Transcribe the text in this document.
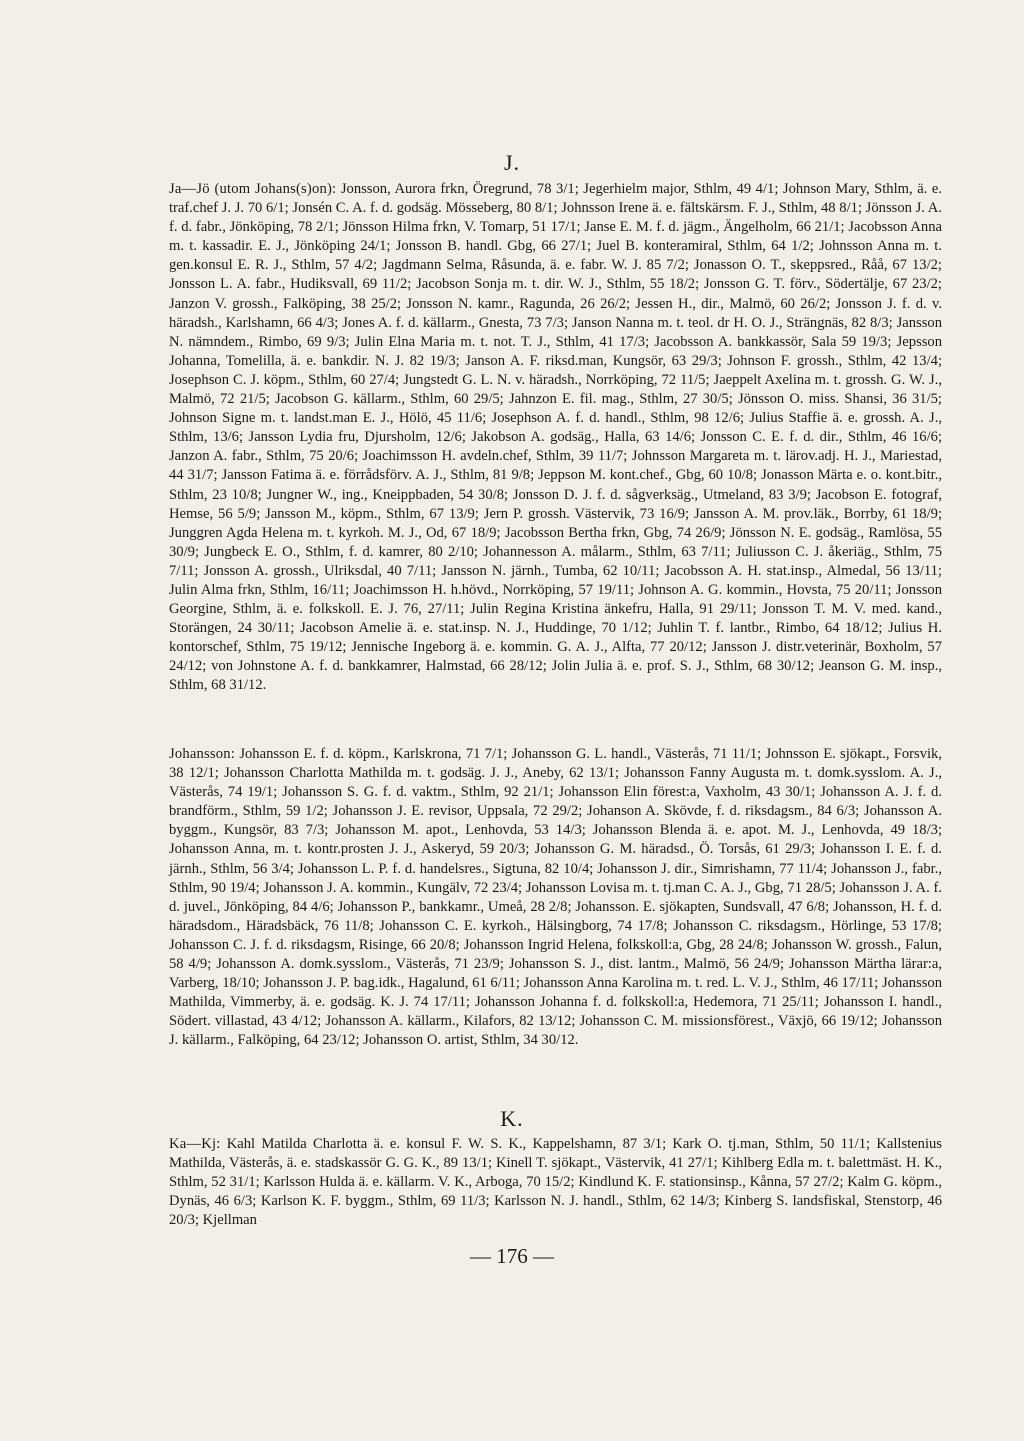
J.

Ja—Jö (utom Johans(s)on): Jonsson, Aurora frkn, Öregrund, 78 3/1; Jegerhielm major, Sthlm, 49 4/1; Johnson Mary, Sthlm, ä. e. traf.chef J. J. 70 6/1; Jonsén C. A. f. d. godsäg. Mösseberg, 80 8/1; Johnsson Irene ä. e. fältskärsm. F. J., Sthlm, 48 8/1; Jönsson J. A. f. d. fabr., Jönköping, 78 2/1; Jönsson Hilma frkn, V. Tomarp, 51 17/1; Janse E. M. f. d. jägm., Ängelholm, 66 21/1; Jacobsson Anna m. t. kassadir. E. J., Jönköping 24/1; Jonsson B. handl. Gbg, 66 27/1; Juel B. konteramiral, Sthlm, 64 1/2; Johnsson Anna m. t. gen.konsul E. R. J., Sthlm, 57 4/2; Jagdmann Selma, Råsunda, ä. e. fabr. W. J. 85 7/2; Jonasson O. T., skeppsred., Råå, 67 13/2; Jonsson L. A. fabr., Hudiksvall, 69 11/2; Jacobson Sonja m. t. dir. W. J., Sthlm, 55 18/2; Jonsson G. T. förv., Södertälje, 67 23/2; Janzon V. grossh., Falköping, 38 25/2; Jonsson N. kamr., Ragunda, 26 26/2; Jessen H., dir., Malmö, 60 26/2; Jonsson J. f. d. v. häradsh., Karlshamn, 66 4/3; Jones A. f. d. källarm., Gnesta, 73 7/3; Janson Nanna m. t. teol. dr H. O. J., Strängnäs, 82 8/3; Jansson N. nämndem., Rimbo, 69 9/3; Julin Elna Maria m. t. not. T. J., Sthlm, 41 17/3; Jacobsson A. bankkassör, Sala 59 19/3; Jepsson Johanna, Tomelilla, ä. e. bankdir. N. J. 82 19/3; Janson A. F. riksd.man, Kungsör, 63 29/3; Johnson F. grossh., Sthlm, 42 13/4; Josephson C. J. köpm., Sthlm, 60 27/4; Jungstedt G. L. N. v. häradsh., Norrköping, 72 11/5; Jaeppelt Axelina m. t. grossh. G. W. J., Malmö, 72 21/5; Jacobson G. källarm., Sthlm, 60 29/5; Jahnzon E. fil. mag., Sthlm, 27 30/5; Jönsson O. miss. Shansi, 36 31/5; Johnson Signe m. t. landst.man E. J., Hölö, 45 11/6; Josephson A. f. d. handl., Sthlm, 98 12/6; Julius Staffie ä. e. grossh. A. J., Sthlm, 13/6; Jansson Lydia fru, Djursholm, 12/6; Jakobson A. godsäg., Halla, 63 14/6; Jonsson C. E. f. d. dir., Sthlm, 46 16/6; Janzon A. fabr., Sthlm, 75 20/6; Joachimsson H. avdeln.chef, Sthlm, 39 11/7; Johnsson Margareta m. t. lärov.adj. H. J., Mariestad, 44 31/7; Jansson Fatima ä. e. förrådsförv. A. J., Sthlm, 81 9/8; Jeppson M. kont.chef., Gbg, 60 10/8; Jonasson Märta e. o. kont.bitr., Sthlm, 23 10/8; Jungner W., ing., Kneippbaden, 54 30/8; Jonsson D. J. f. d. sågverksäg., Utmeland, 83 3/9; Jacobson E. fotograf, Hemse, 56 5/9; Jansson M., köpm., Sthlm, 67 13/9; Jern P. grossh. Västervik, 73 16/9; Jansson A. M. prov.läk., Borrby, 61 18/9; Junggren Agda Helena m. t. kyrkoh. M. J., Od, 67 18/9; Jacobsson Bertha frkn, Gbg, 74 26/9; Jönsson N. E. godsäg., Ramlösa, 55 30/9; Jungbeck E. O., Sthlm, f. d. kamrer, 80 2/10; Johannesson A. målarm., Sthlm, 63 7/11; Juliusson C. J. åkeriäg., Sthlm, 75 7/11; Jonsson A. grossh., Ulriksdal, 40 7/11; Jansson N. järnh., Tumba, 62 10/11; Jacobsson A. H. stat.insp., Almedal, 56 13/11; Julin Alma frkn, Sthlm, 16/11; Joachimsson H. h.hövd., Norrköping, 57 19/11; Johnson A. G. kommin., Hovsta, 75 20/11; Jonsson Georgine, Sthlm, ä. e. folkskoll. E. J. 76, 27/11; Julin Regina Kristina änkefru, Halla, 91 29/11; Jonsson T. M. V. med. kand., Storängen, 24 30/11; Jacobson Amelie ä. e. stat.insp. N. J., Huddinge, 70 1/12; Juhlin T. f. lantbr., Rimbo, 64 18/12; Julius H. kontorschef, Sthlm, 75 19/12; Jennische Ingeborg ä. e. kommin. G. A. J., Alfta, 77 20/12; Jansson J. distr.veterinär, Boxholm, 57 24/12; von Johnstone A. f. d. bankkamrer, Halmstad, 66 28/12; Jolin Julia ä. e. prof. S. J., Sthlm, 68 30/12; Jeanson G. M. insp., Sthlm, 68 31/12.

Johansson: Johansson E. f. d. köpm., Karlskrona, 71 7/1; Johansson G. L. handl., Västerås, 71 11/1; Johnsson E. sjökapt., Forsvik, 38 12/1; Johansson Charlotta Mathilda m. t. godsäg. J. J., Aneby, 62 13/1; Johansson Fanny Augusta m. t. domk.sysslom. A. J., Västerås, 74 19/1; Johansson S. G. f. d. vaktm., Sthlm, 92 21/1; Johansson Elin förest:a, Vaxholm, 43 30/1; Johansson A. J. f. d. brandförm., Sthlm, 59 1/2; Johansson J. E. revisor, Uppsala, 72 29/2; Johanson A. Skövde, f. d. riksdagsm., 84 6/3; Johansson A. byggm., Kungsör, 83 7/3; Johansson M. apot., Lenhovda, 53 14/3; Johansson Blenda ä. e. apot. M. J., Lenhovda, 49 18/3; Johansson Anna, m. t. kontr.prosten J. J., Askeryd, 59 20/3; Johansson G. M. häradsd., Ö. Torsås, 61 29/3; Johansson I. E. f. d. järnh., Sthlm, 56 3/4; Johansson L. P. f. d. handelsres., Sigtuna, 82 10/4; Johansson J. dir., Simrishamn, 77 11/4; Johansson J., fabr., Sthlm, 90 19/4; Johansson J. A. kommin., Kungälv, 72 23/4; Johansson Lovisa m. t. tj.man C. A. J., Gbg, 71 28/5; Johansson J. A. f. d. juvel., Jönköping, 84 4/6; Johansson P., bankkamr., Umeå, 28 2/8; Johansson. E. sjökapten, Sundsvall, 47 6/8; Johansson, H. f. d. häradsdom., Häradsbäck, 76 11/8; Johansson C. E. kyrkoh., Hälsingborg, 74 17/8; Johansson C. riksdagsm., Hörlinge, 53 17/8; Johansson C. J. f. d. riksdagsm, Risinge, 66 20/8; Johansson Ingrid Helena, folkskoll:a, Gbg, 28 24/8; Johansson W. grossh., Falun, 58 4/9; Johansson A. domk.sysslom., Västerås, 71 23/9; Johansson S. J., dist. lantm., Malmö, 56 24/9; Johansson Märtha lärar:a, Varberg, 18/10; Johansson J. P. bag.idk., Hagalund, 61 6/11; Johansson Anna Karolina m. t. red. L. V. J., Sthlm, 46 17/11; Johansson Mathilda, Vimmerby, ä. e. godsäg. K. J. 74 17/11; Johansson Johanna f. d. folkskoll:a, Hedemora, 71 25/11; Johansson I. handl., Södert. villastad, 43 4/12; Johansson A. källarm., Kilafors, 82 13/12; Johansson C. M. missionsförest., Växjö, 66 19/12; Johansson J. källarm., Falköping, 64 23/12; Johansson O. artist, Sthlm, 34 30/12.

K.

Ka—Kj: Kahl Matilda Charlotta ä. e. konsul F. W. S. K., Kappelshamn, 87 3/1; Kark O. tj.man, Sthlm, 50 11/1; Kallstenius Mathilda, Västerås, ä. e. stadskassör G. G. K., 89 13/1; Kinell T. sjökapt., Västervik, 41 27/1; Kihlberg Edla m. t. balettmäst. H. K., Sthlm, 52 31/1; Karlsson Hulda ä. e. källarm. V. K., Arboga, 70 15/2; Kindlund K. F. stationsinsp., Kånna, 57 27/2; Kalm G. köpm., Dynäs, 46 6/3; Karlson K. F. byggm., Sthlm, 69 11/3; Karlsson N. J. handl., Sthlm, 62 14/3; Kinberg S. landsfiskal, Stenstorp, 46 20/3; Kjellman

— 176 —
